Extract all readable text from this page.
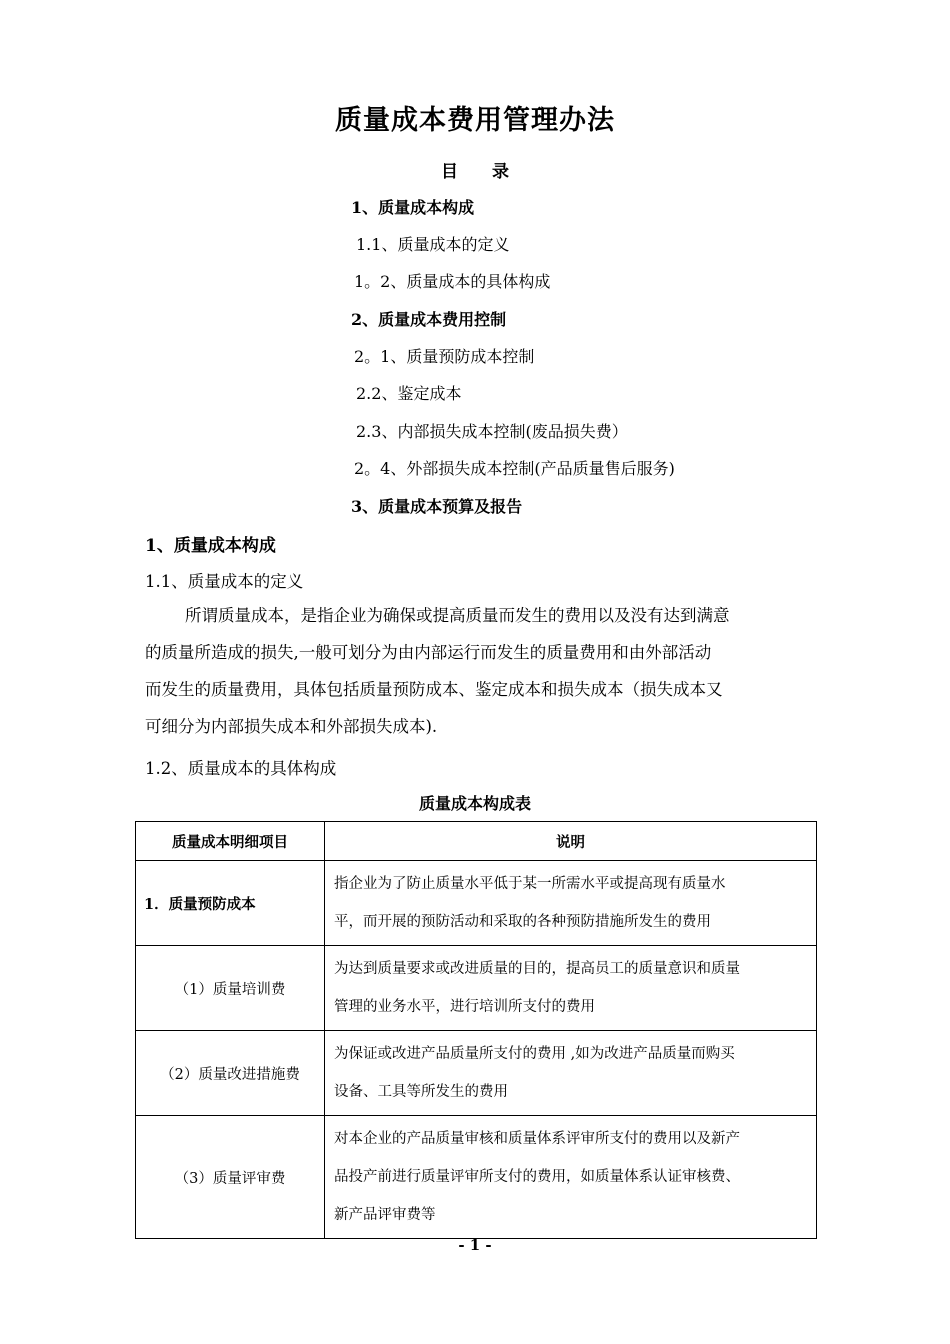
质量成本费用管理办法
目　　录
1、质量成本构成
1.1、质量成本的定义
1。2、质量成本的具体构成
2、质量成本费用控制
2。1、质量预防成本控制
2.2、鉴定成本
2.3、内部损失成本控制(废品损失费）
2。4、外部损失成本控制(产品质量售后服务)
3、质量成本预算及报告
1、质量成本构成
1.1、质量成本的定义
所谓质量成本，是指企业为确保或提高质量而发生的费用以及没有达到满意
的质量所造成的损失,一般可划分为由内部运行而发生的质量费用和由外部活动
而发生的质量费用，具体包括质量预防成本、鉴定成本和损失成本（损失成本又
可细分为内部损失成本和外部损失成本).
1.2、质量成本的具体构成
质量成本构成表
质量成本明细项目	说明
1．质量预防成本	指企业为了防止质量水平低于某一所需水平或提高现有质量水
平，而开展的预防活动和采取的各种预防措施所发生的费用

（1）质量培训费	为达到质量要求或改进质量的目的，提高员工的质量意识和质量
管理的业务水平，进行培训所支付的费用

（2）质量改进措施费	为保证或改进产品质量所支付的费用 ,如为改进产品质量而购买
设备、工具等所发生的费用

（3）质量评审费	对本企业的产品质量审核和质量体系评审所支付的费用以及新产
品投产前进行质量评审所支付的费用，如质量体系认证审核费、
新产品评审费等
- 1 -
